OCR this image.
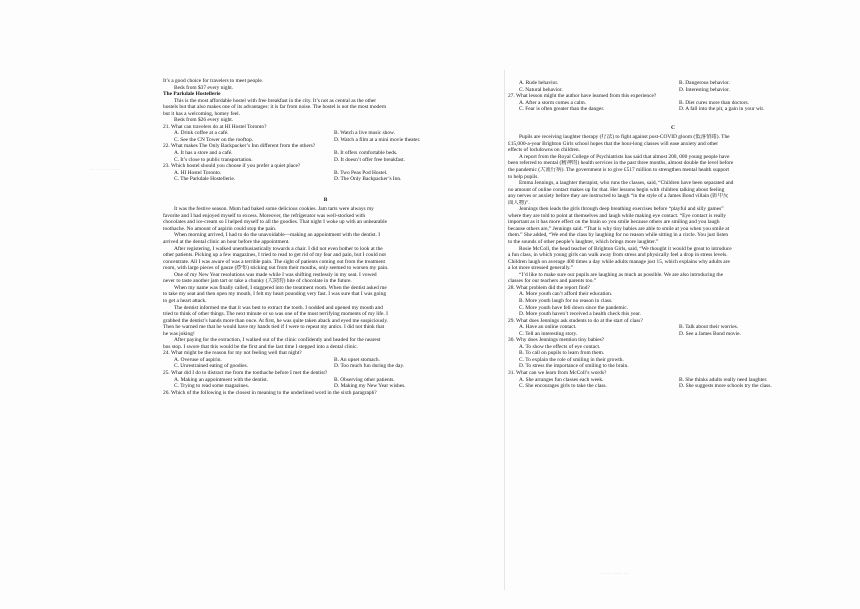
··· ···· ··· ······
···· ·· ······ ···
It’s a good choice for travelers to meet people.
Beds from $37 every night.
The Parkdale Hostellerie
This is the most affordable hostel with free breakfast in the city. It’s not as central as the other
hostels but that also makes one of its advantages: it is far from noise. The hostel is not the most modern
but it has a welcoming, homey feel.
Beds from $26 every night.
21. What can travelers do at HI Hostel Toronto?
A. Drink coffee at a café.	B. Watch a live music show.
C. See the CN Tower on the rooftop.	D. Watch a film at a mini movie theater.
22. What makes The Only Backpacker’s Inn different from the others?
A. It has a store and a café.	B. It offers comfortable beds.
C. It’s close to public transportation.	D. It doesn’t offer free breakfast.
23. Which hostel should you choose if you prefer a quiet place?
A. HI Hostel Toronto.	B. Two Peas Pod Hostel.
C. The Parkdale Hostellerie.	D. The Only Backpacker’s Inn.
B
It was the festive season. Mum had baked some delicious cookies. Jam tarts were always my
favorite and I had enjoyed myself to excess. Moreover, the refrigerator was well-stocked with
chocolates and ice-cream so I helped myself to all the goodies. That night I woke up with an unbearable
toothache. No amount of aspirin could stop the pain.
When morning arrived, I had to do the unavoidable—making an appointment with the dentist. I
arrived at the dental clinic an hour before the appointment.
After registering, I walked unenthusiastically towards a chair. I did not even bother to look at the
other patients. Picking up a few magazines, I tried to read to get rid of my fear and pain, but I could not
concentrate. All I was aware of was a terrible pain. The sight of patients coming out from the treatment
room, with large pieces of gauze (纱布) sticking out from their mouths, only seemed to worsen my pain.
One of my New Year resolutions was made while I was shifting restlessly in my seat. I vowed
never to taste another jam tart or take a chunky (大块的) bite of chocolate in the future.
When my name was finally called, I staggered into the treatment room. When the dentist asked me
to take my seat and then open my mouth, I felt my heart pounding very fast. I was sure that I was going
to get a heart attack.
The dentist informed me that it was best to extract the tooth. I nodded and opened my mouth and
tried to think of other things. The next minute or so was one of the most terrifying moments of my life. I
grabbed the dentist’s hands more than once. At first, he was quite taken aback and eyed me suspiciously.
Then he warned me that he would have my hands tied if I were to repeat my antics. I did not think that
he was joking!
After paying for the extraction, I walked out of the clinic confidently and headed for the nearest
bus stop. I swore that this would be the first and the last time I stepped into a dental clinic.
24. What might be the reason for my not feeling well that night?
A. Overuse of aspirin.	B. An upset stomach.
C. Unrestrained eating of goodies.	D. Too much fun during the day.
25. What did I do to distract me from the toothache before I met the dentist?
A. Making an appointment with the dentist.	B. Observing other patients.
C. Trying to read some magazines.	D. Making my New Year wishes.
26. Which of the following is the closest in meaning to the underlined word in the sixth paragraph?
A. Rude behavior.	B. Dangerous behavior.
C. Natural behavior.	D. Interesting behavior.
27. What lesson might the author have learned from this experience?
A. After a storm comes a calm.	B. Diet cures more than doctors.
C. Fear is often greater than the danger.	D. A fall into the pit, a gain in your wit.
C
Pupils are receiving laughter therapy (疗法) to fight against post-COVID gloom (低落情绪). The
£15,000-a-year Brighton Girls school hopes that the hour-long classes will ease anxiety and other
effects of lockdowns on children.
A report from the Royal College of Psychiatrists has said that almost 200, 000 young people have
been referred to mental (精神的) health services in the past three months, almost double the level before
the pandemic (大流行病). The government is to give £517 million to strengthen mental health support
to help pupils.
Emma Jennings, a laughter therapist, who runs the classes, said, “Children have been separated and
no amount of online contact makes up for that. Her lessons begin with children talking about feeling
any nerves or anxiety before they are instructed to laugh “in the style of a James Bond villain (影中反
面人物)”.
Jennings then leads the girls through deep breathing exercises before “playful and silly games”
where they are told to point at themselves and laugh while making eye contact. “Eye contact is really
important as it has more effect on the brain so you smile because others are smiling and you laugh
because others are,” Jennings said. “That is why tiny babies are able to smile at you when you smile at
them.” She added, “We end the class by laughing for no reason while sitting in a circle. You just listen
to the sounds of other people’s laughter, which brings more laughter.”
Rosie McColl, the head teacher of Brighton Girls, said, “We thought it would be great to introduce
a fun class, in which young girls can walk away from stress and physically feel a drop in stress levels.
Children laugh on average 400 times a day while adults manage just 15, which explains why adults are
a lot more stressed generally.”
“I’d like to make sure our pupils are laughing as much as possible. We are also introducing the
classes for our teachers and parents too.”
28. What problem did the report find?
A. More youth can’t afford their education.
B. More youth laugh for no reason in class.
C. More youth have fell down since the pandemic.
D. More youth haven’t received a health check this year.
29. What does Jennings ask students to do at the start of class?
A. Have an online contact.	B. Talk about their worries.
C. Tell an interesting story.	D. See a James Bond movie.
30. Why does Jennings mention tiny babies?
A. To show the effects of eye contact.
B. To call on pupils to learn from them.
C. To explain the role of smiling in their growth.
D. To stress the importance of smiling to the brain.
31. What can we learn from McColl’s words?
A. She arranges fun classes each week.	B. She thinks adults really need laughter.
C. She encourages girls to take the class.	D. She suggests more schools try the class.
